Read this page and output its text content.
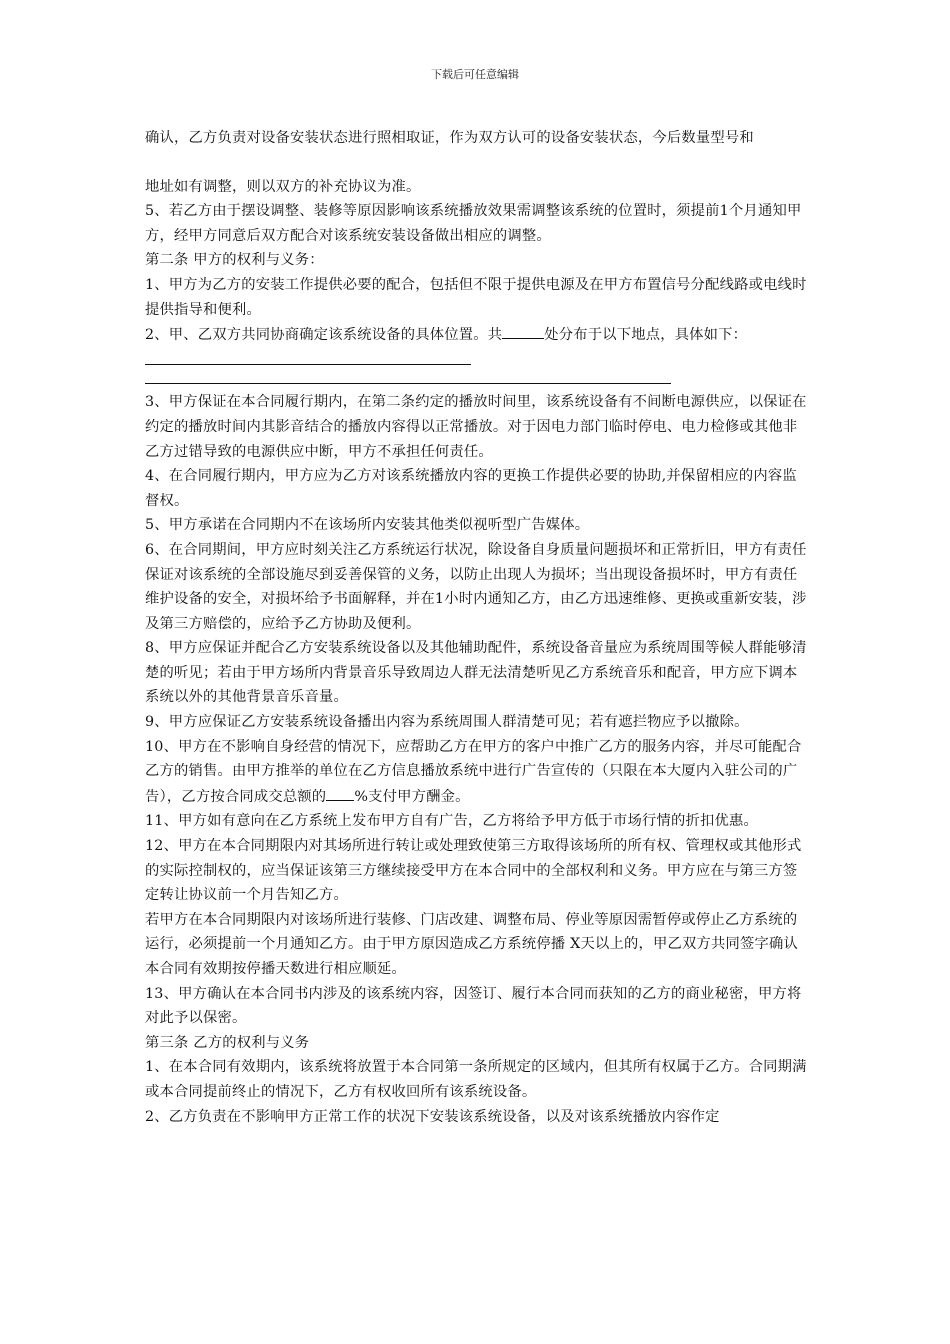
下载后可任意编辑

确认，乙方负责对设备安装状态进行照相取证，作为双方认可的设备安装状态，今后数量型号和

地址如有调整，则以双方的补充协议为准。

5、若乙方由于摆设调整、装修等原因影响该系统播放效果需调整该系统的位置时，须提前1个月通知甲方，经甲方同意后双方配合对该系统安装设备做出相应的调整。

第二条 甲方的权利与义务：

1、甲方为乙方的安装工作提供必要的配合，包括但不限于提供电源及在甲方布置信号分配线路或电线时提供指导和便利。

2、甲、乙双方共同协商确定该系统设备的具体位置。共	处分布于以下地点，具体如下：

3、甲方保证在本合同履行期内，在第二条约定的播放时间里，该系统设备有不间断电源供应，以保证在约定的播放时间内其影音结合的播放内容得以正常播放。对于因电力部门临时停电、电力检修或其他非乙方过错导致的电源供应中断，甲方不承担任何责任。

4、在合同履行期内，甲方应为乙方对该系统播放内容的更换工作提供必要的协助,并保留相应的内容监督权。

5、甲方承诺在合同期内不在该场所内安装其他类似视听型广告媒体。

6、在合同期间，甲方应时刻关注乙方系统运行状况，除设备自身质量问题损坏和正常折旧，甲方有责任保证对该系统的全部设施尽到妥善保管的义务，以防止出现人为损坏；当出现设备损坏时，甲方有责任维护设备的安全，对损坏给予书面解释，并在1小时内通知乙方，由乙方迅速维修、更换或重新安装，涉及第三方赔偿的，应给予乙方协助及便利。

8、甲方应保证并配合乙方安装系统设备以及其他辅助配件，系统设备音量应为系统周围等候人群能够清楚的听见；若由于甲方场所内背景音乐导致周边人群无法清楚听见乙方系统音乐和配音，甲方应下调本系统以外的其他背景音乐音量。

9、甲方应保证乙方安装系统设备播出内容为系统周围人群清楚可见；若有遮拦物应予以撤除。

10、甲方在不影响自身经营的情况下，应帮助乙方在甲方的客户中推广乙方的服务内容，并尽可能配合乙方的销售。由甲方推举的单位在乙方信息播放系统中进行广告宣传的（只限在本大厦内入驻公司的广告），乙方按合同成交总额的 %支付甲方酬金。

11、甲方如有意向在乙方系统上发布甲方自有广告，乙方将给予甲方低于市场行情的折扣优惠。

12、甲方在本合同期限内对其场所进行转让或处理致使第三方取得该场所的所有权、管理权或其他形式的实际控制权的，应当保证该第三方继续接受甲方在本合同中的全部权利和义务。甲方应在与第三方签定转让协议前一个月告知乙方。

若甲方在本合同期限内对该场所进行装修、门店改建、调整布局、停业等原因需暂停或停止乙方系统的运行，必须提前一个月通知乙方。由于甲方原因造成乙方系统停播 X天以上的，甲乙双方共同签字确认本合同有效期按停播天数进行相应顺延。

13、甲方确认在本合同书内涉及的该系统内容，因签订、履行本合同而获知的乙方的商业秘密，甲方将对此予以保密。

第三条 乙方的权利与义务

1、在本合同有效期内，该系统将放置于本合同第一条所规定的区域内，但其所有权属于乙方。合同期满或本合同提前终止的情况下，乙方有权收回所有该系统设备。

2、乙方负责在不影响甲方正常工作的状况下安装该系统设备，以及对该系统播放内容作定
